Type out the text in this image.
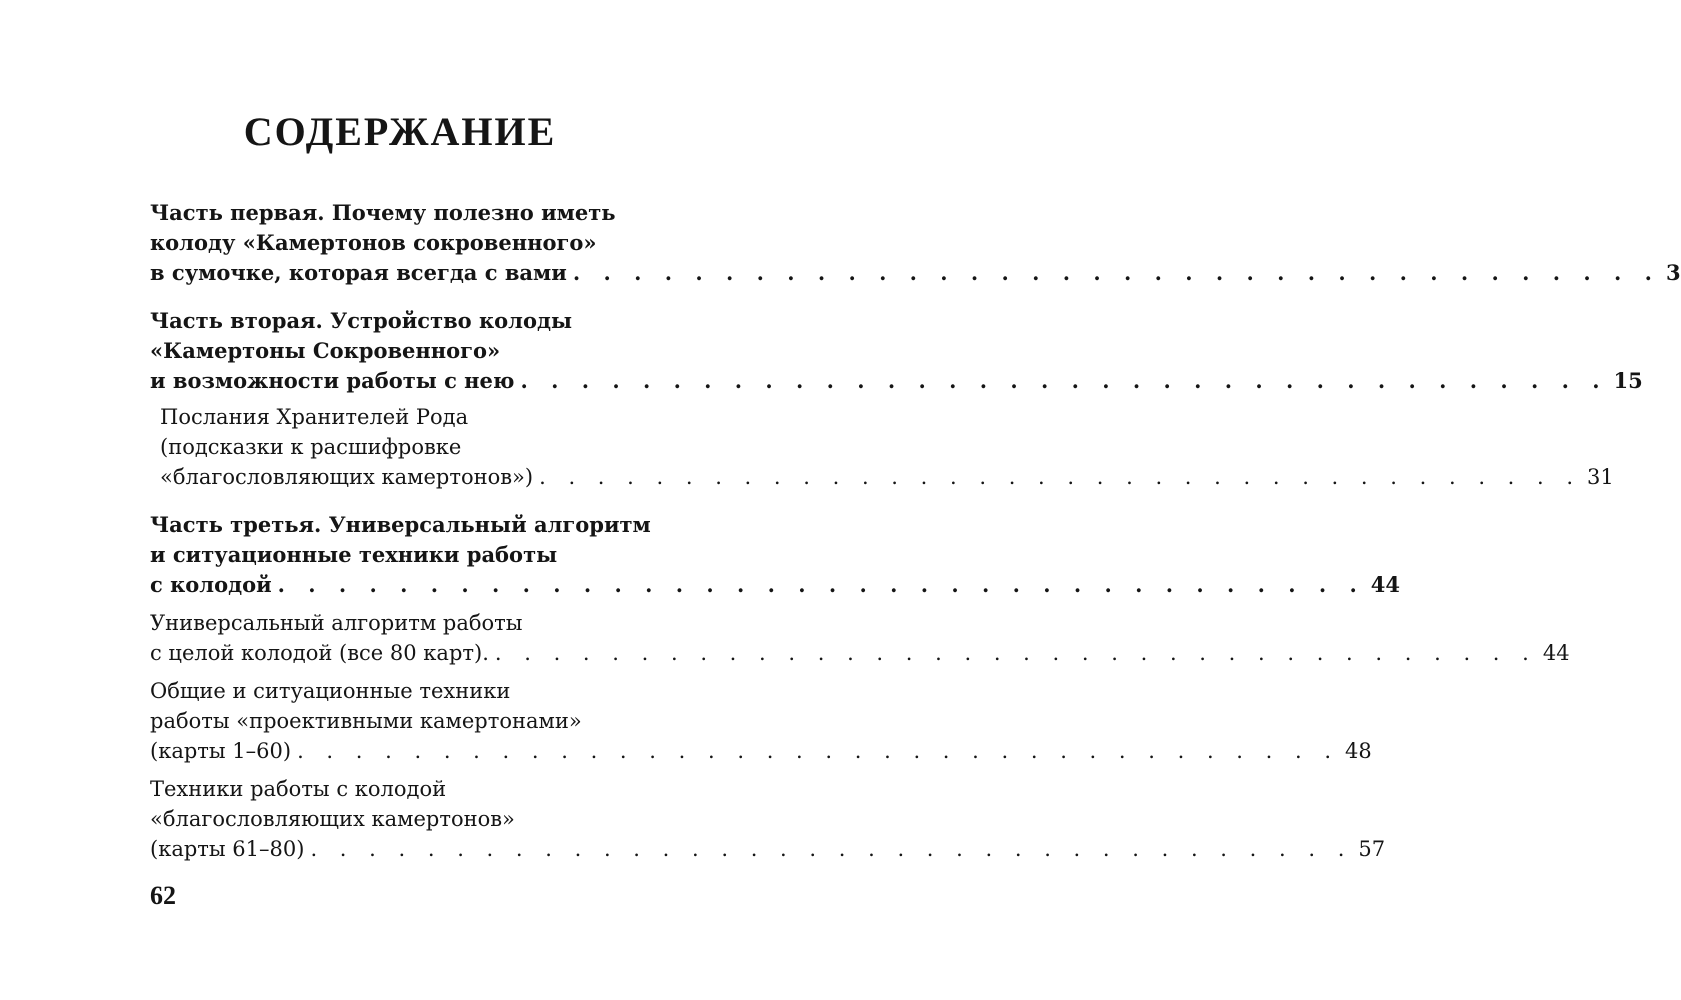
СОДЕРЖАНИЕ
Часть первая. Почему полезно иметь
колоду «Камертонов сокровенного»
в сумочке, которая всегда с вами . . . . . . . . . . . . . . . . . . . . . . . . . . . . . . . . . . . . 3
Часть вторая. Устройство колоды
«Камертоны Сокровенного»
и возможности работы с нею . . . . . . . . . . . . . . . . . . . . . . . . . . . . . . . . . . . . 15
Послания Хранителей Рода
(подсказки к расшифровке
«благословляющих камертонов») . . . . . . . . . . . . . . . . . . . . . . . . . . . . . . . . . . . . 31
Часть третья. Универсальный алгоритм
и ситуационные техники работы
с колодой . . . . . . . . . . . . . . . . . . . . . . . . . . . . . . . . . . . . 44
Универсальный алгоритм работы
с целой колодой (все 80 карт). . . . . . . . . . . . . . . . . . . . . . . . . . . . . . . . . . . . . 44
Общие и ситуационные техники
работы «проективными камертонами»
(карты 1–60) . . . . . . . . . . . . . . . . . . . . . . . . . . . . . . . . . . . . 48
Техники работы с колодой
«благословляющих камертонов»
(карты 61–80) . . . . . . . . . . . . . . . . . . . . . . . . . . . . . . . . . . . . 57
62
